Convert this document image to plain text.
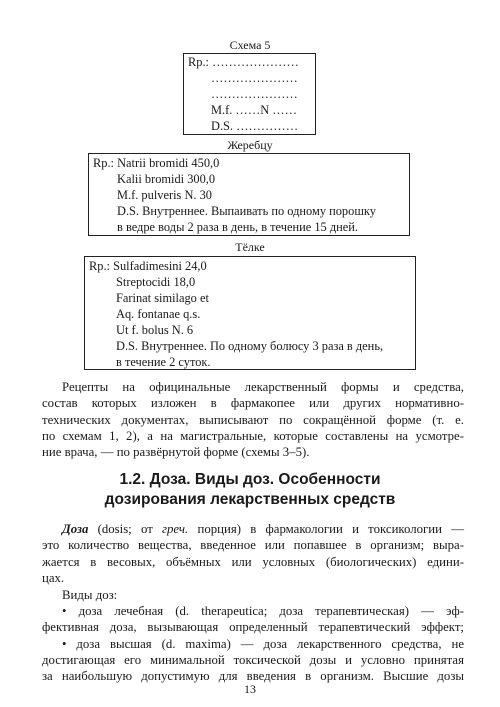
Схема 5
Rp.: …………………
…………………
…………………
M.f. ……N ……
D.S. ……………
Жеребцу
Rp.: Natrii bromidi 450,0
Kalii bromidi 300,0
M.f. pulveris N. 30
D.S. Внутреннее. Выпаивать по одному порошку
в ведре воды 2 раза в день, в течение 15 дней.
Тёлке
Rp.: Sulfadimesini 24,0
Streptocidi 18,0
Farinat similago et
Aq. fontanae q.s.
Ut f. bolus N. 6
D.S. Внутреннее. По одному болюсу 3 раза в день,
в течение 2 суток.
Рецепты на официнальные лекарственный формы и средства,
состав которых изложен в фармакопее или других нормативно-
технических документах, выписывают по сокращённой форме (т. е.
по схемам 1, 2), а на магистральные, которые составлены на усмотре-
ние врача, — по развёрнутой форме (схемы 3–5).
1.2. Доза. Виды доз. Особенности
дозирования лекарственных средств
Доза (dosis; от греч. порция) в фармакологии и токсикологии —
это количество вещества, введенное или попавшее в организм; выра-
жается в весовых, объёмных или условных (биологических) едини-
цах.
Виды доз:
• доза лечебная (d. therapeutica; доза терапевтическая) — эф-
фективная доза, вызывающая определенный терапевтический эффект;
• доза высшая (d. maxima) — доза лекарственного средства, не
достигающая его минимальной токсической дозы и условно принятая
за наибольшую допустимую для введения в организм. Высшие дозы
13
